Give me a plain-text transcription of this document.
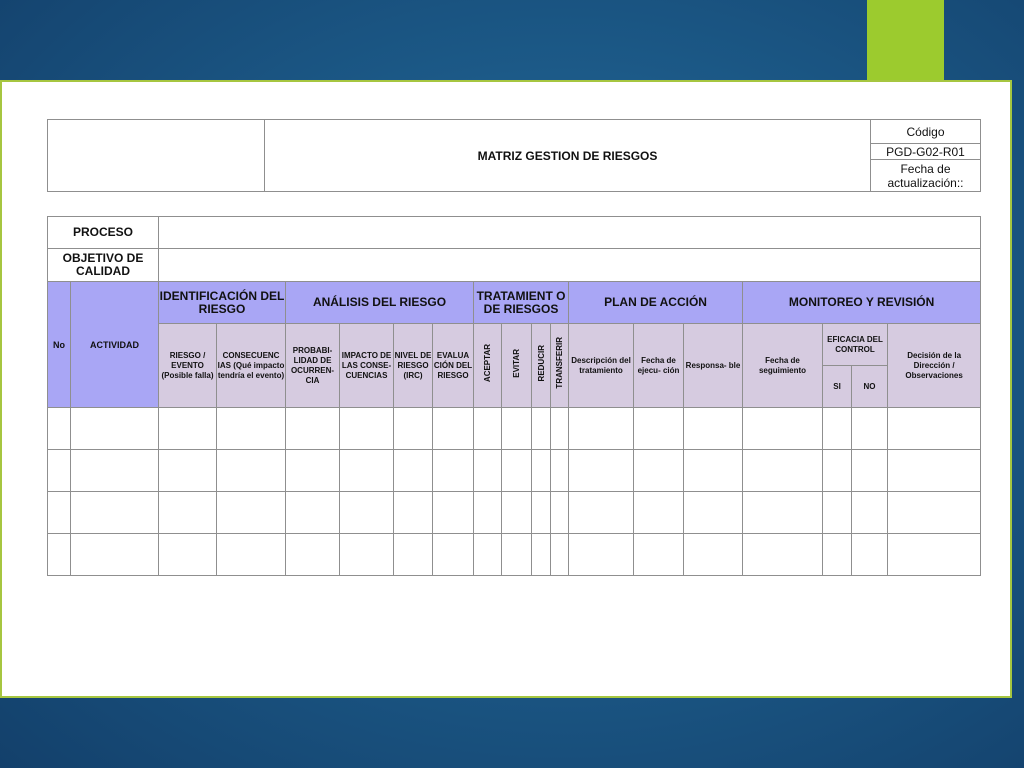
	MATRIZ GESTION DE RIESGOS	Código
PGD-G02-R01
Fecha de actualización::
PROCESO																		
OBJETIVO DE CALIDAD																		
No	ACTIVIDAD	IDENTIFICACIÓN DEL RIESGO		ANÁLISIS DEL RIESGO				TRATAMIENT O DE RIESGOS				PLAN DE ACCIÓN			MONITOREO Y REVISIÓN			
		RIESGO / EVENTO (Posible falla)	CONSECUENC IAS (Qué impacto tendría el evento)	PROBABI- LIDAD DE OCURREN- CIA	IMPACTO DE LAS CONSE- CUENCIAS	NIVEL DE RIESGO (IRC)	EVALUA CIÓN DEL RIESGO	ACEPTAR	EVITAR	REDUCIR	TRANSFERIR	Descripción del tratamiento	Fecha de ejecu- ción	Responsa- ble	Fecha de seguimiento	EFICACIA DEL CONTROL		Decisión de la Dirección / Observaciones
																SI	NO	
